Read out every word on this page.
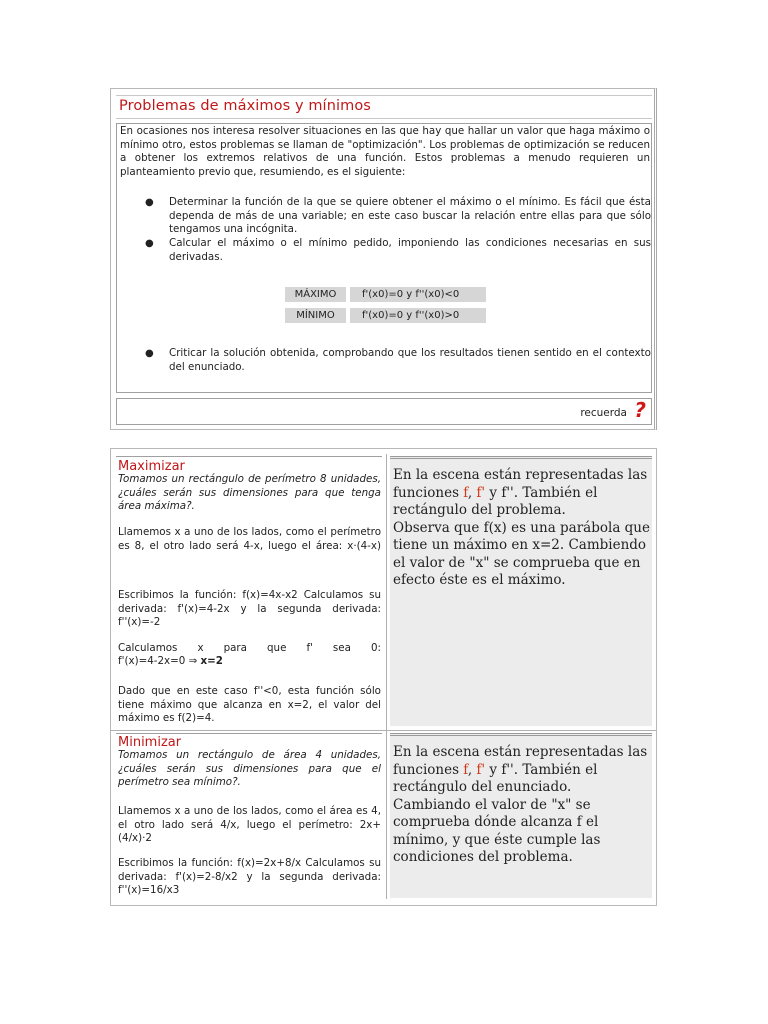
Problemas de máximos y mínimos
En ocasiones nos interesa resolver situaciones en las que hay que hallar un valor que haga máximo o mínimo otro, estos problemas se llaman de "optimización". Los problemas de optimización se reducen a obtener los extremos relativos de una función. Estos problemas a menudo requieren un planteamiento previo que, resumiendo, es el siguiente:
● Determinar la función de la que se quiere obtener el máximo o el mínimo. Es fácil que ésta dependa de más de una variable; en este caso buscar la relación entre ellas para que sólo tengamos una incógnita.
● Calcular el máximo o el mínimo pedido, imponiendo las condiciones necesarias en sus derivadas.
MÁXIMO	f'(x0)=0 y f''(x0)<0
MÍNIMO	f'(x0)=0 y f''(x0)>0
● Criticar la solución obtenida, comprobando que los resultados tienen sentido en el contexto del enunciado.
recuerda ?
Maximizar
Tomamos un rectángulo de perímetro 8 unidades, ¿cuáles serán sus dimensiones para que tenga área máxima?.
Llamemos x a uno de los lados, como el perímetro es 8, el otro lado será 4-x, luego el área: x·(4-x)
Escribimos la función: f(x)=4x-x2 Calculamos su derivada: f'(x)=4-2x y la segunda derivada: f''(x)=-2
Calculamos x para que f' sea 0:
f'(x)=4-2x=0 ⇒ x=2
Dado que en este caso f''<0, esta función sólo tiene máximo que alcanza en x=2, el valor del máximo es f(2)=4.
En la escena están representadas las funciones f, f' y f''. También el rectángulo del problema.
Observa que f(x) es una parábola que tiene un máximo en x=2. Cambiendo el valor de "x" se comprueba que en efecto éste es el máximo.
Minimizar
Tomamos un rectángulo de área 4 unidades, ¿cuáles serán sus dimensiones para que el perímetro sea mínimo?.
Llamemos x a uno de los lados, como el área es 4, el otro lado será 4/x, luego el perímetro: 2x+(4/x)·2
Escribimos la función: f(x)=2x+8/x Calculamos su derivada: f'(x)=2-8/x2 y la segunda derivada: f''(x)=16/x3
En la escena están representadas las funciones f, f' y f''. También el rectángulo del enunciado.
Cambiando el valor de "x" se comprueba dónde alcanza f el mínimo, y que éste cumple las condiciones del problema.
